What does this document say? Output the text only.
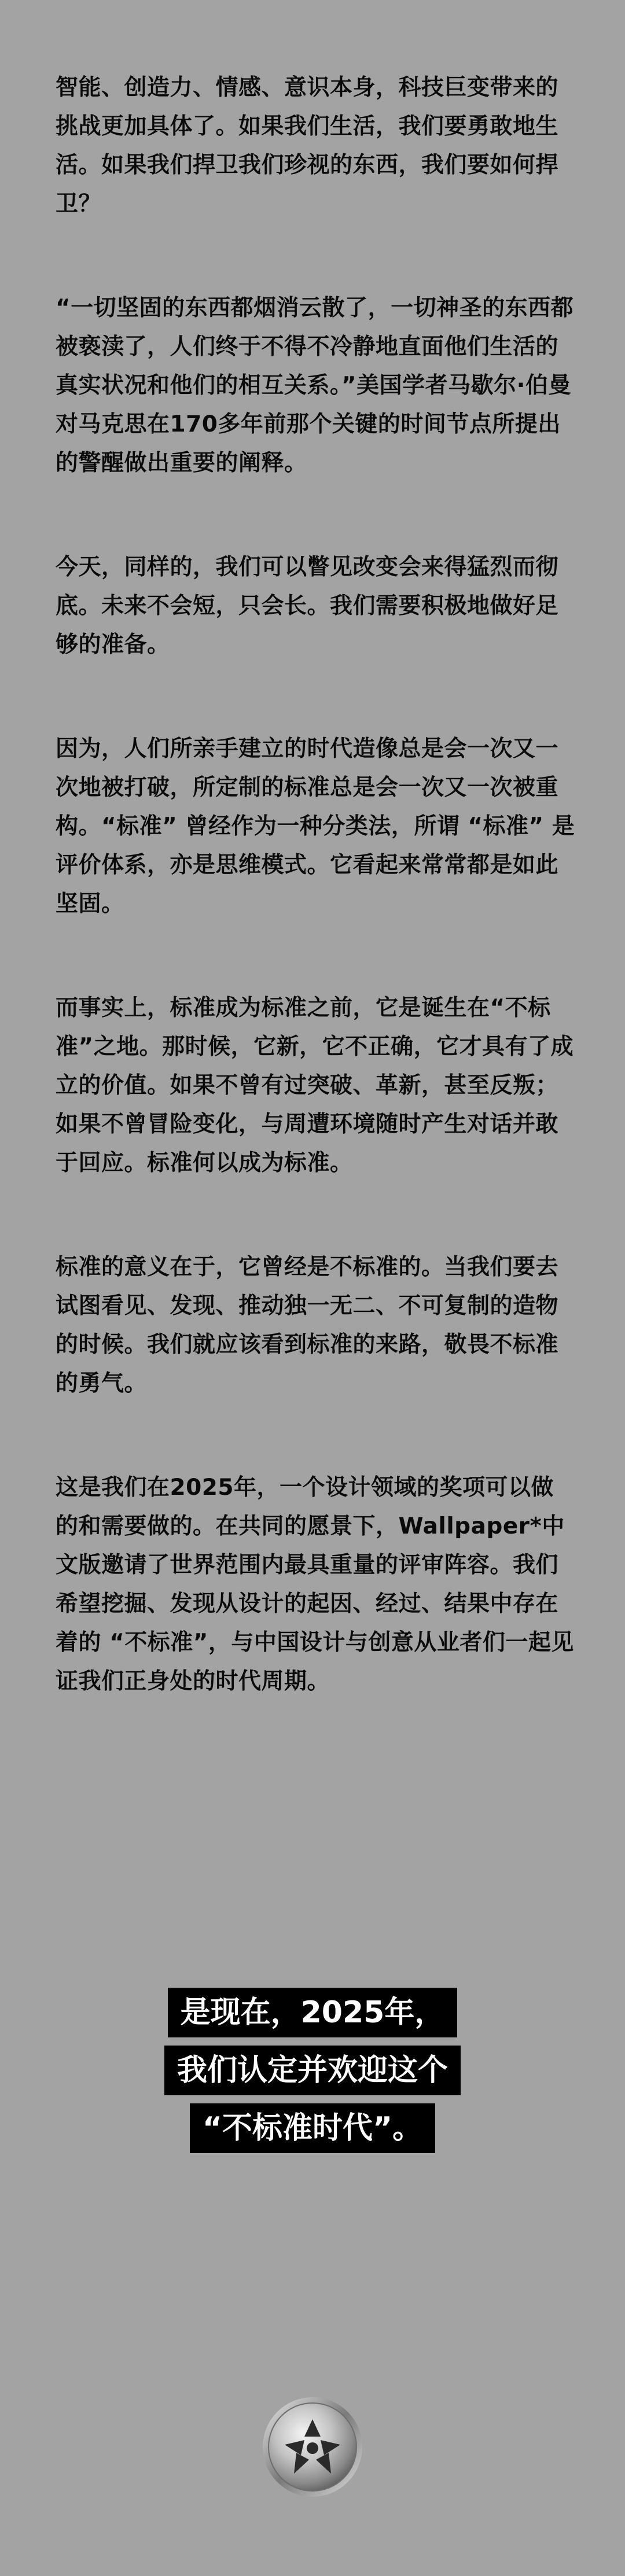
智能、创造力、情感、意识本身，科技巨变带来的挑战更加具体了。如果我们生活，我们要勇敢地生活。如果我们捍卫我们珍视的东西，我们要如何捍卫？

“一切坚固的东西都烟消云散了，一切神圣的东西都被亵渎了，人们终于不得不冷静地直面他们生活的真实状况和他们的相互关系。”美国学者马歇尔·伯曼对马克思在170多年前那个关键的时间节点所提出的警醒做出重要的阐释。

今天，同样的，我们可以瞥见改变会来得猛烈而彻底。未来不会短，只会长。我们需要积极地做好足够的准备。

因为，人们所亲手建立的时代造像总是会一次又一次地被打破，所定制的标准总是会一次又一次被重构。“标准” 曾经作为一种分类法，所谓 “标准” 是评价体系，亦是思维模式。它看起来常常都是如此坚固。

而事实上，标准成为标准之前，它是诞生在“不标准”之地。那时候，它新，它不正确，它才具有了成立的价值。如果不曾有过突破、革新，甚至反叛；如果不曾冒险变化，与周遭环境随时产生对话并敢于回应。标准何以成为标准。

标准的意义在于，它曾经是不标准的。当我们要去试图看见、发现、推动独一无二、不可复制的造物的时候。我们就应该看到标准的来路，敬畏不标准的勇气。

这是我们在2025年，一个设计领域的奖项可以做的和需要做的。在共同的愿景下，Wallpaper*中文版邀请了世界范围内最具重量的评审阵容。我们希望挖掘、发现从设计的起因、经过、结果中存在着的 “不标准”，与中国设计与创意从业者们一起见证我们正身处的时代周期。

是现在，2025年，
我们认定并欢迎这个
“不标准时代”。
